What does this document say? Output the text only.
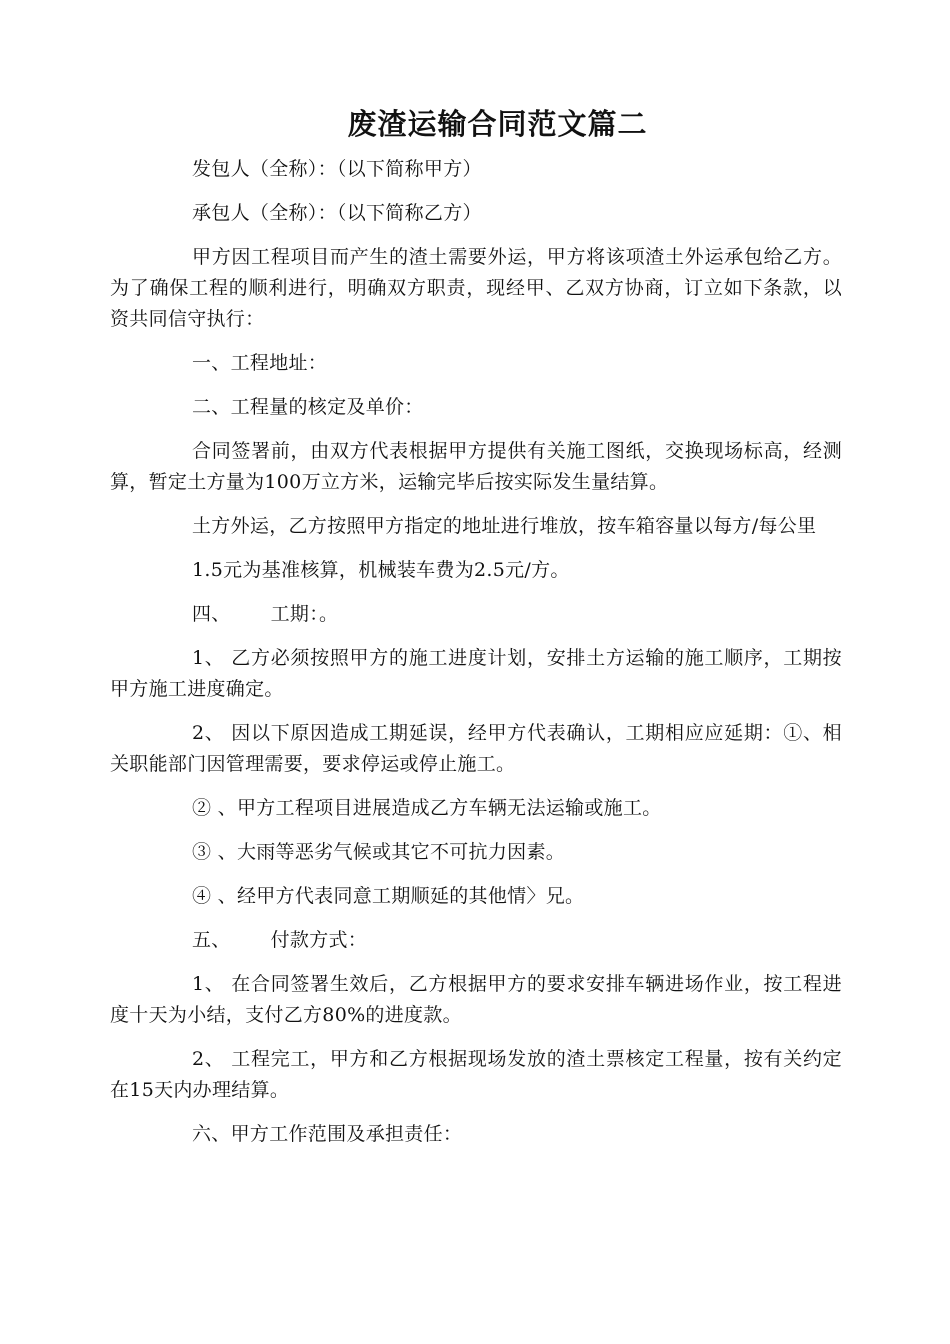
废渣运输合同范文篇二

发包人（全称）：（以下简称甲方）

承包人（全称）：（以下简称乙方）

甲方因工程项目而产生的渣土需要外运，甲方将该项渣土外运承包给乙方。为了确保工程的顺利进行，明确双方职责，现经甲、乙双方协商，订立如下条款，以资共同信守执行：

一、工程地址：

二、工程量的核定及单价：

合同签署前，由双方代表根据甲方提供有关施工图纸，交换现场标高，经测算，暂定土方量为100万立方米，运输完毕后按实际发生量结算。

土方外运，乙方按照甲方指定的地址进行堆放，按车箱容量以每方/每公里

1.5元为基准核算，机械装车费为2.5元/方。

四、 工期：。

1、 乙方必须按照甲方的施工进度计划，安排土方运输的施工顺序，工期按甲方施工进度确定。

2、 因以下原因造成工期延误，经甲方代表确认，工期相应应延期：①、相关职能部门因管理需要，要求停运或停止施工。

② 、甲方工程项目进展造成乙方车辆无法运输或施工。

③ 、大雨等恶劣气候或其它不可抗力因素。

④ 、经甲方代表同意工期顺延的其他情〉兄。

五、 付款方式：

1、 在合同签署生效后，乙方根据甲方的要求安排车辆进场作业，按工程进度十天为小结，支付乙方80%的进度款。

2、 工程完工，甲方和乙方根据现场发放的渣土票核定工程量，按有关约定在15天内办理结算。

六、甲方工作范围及承担责任：
